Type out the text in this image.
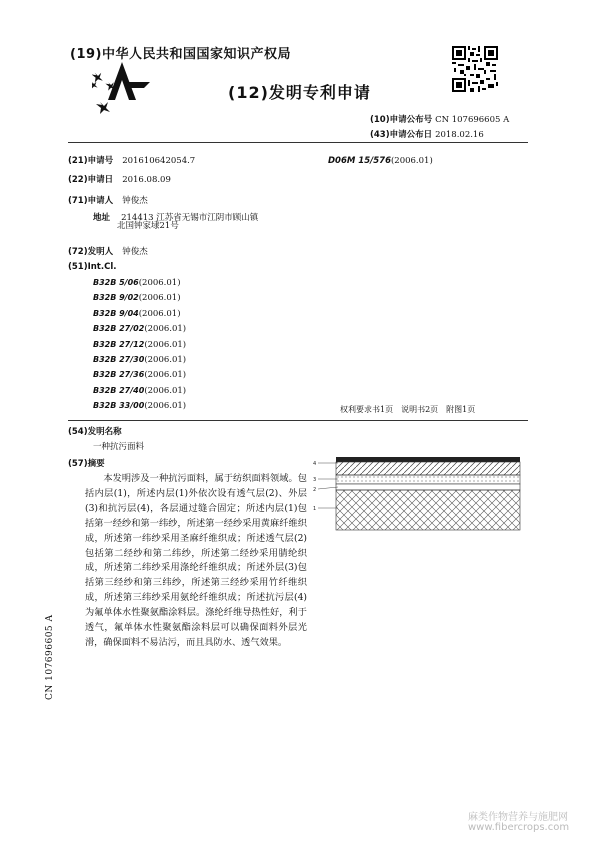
(19)中华人民共和国国家知识产权局
(12)发明专利申请
(10)申请公布号 CN 107696605 A
(43)申请公布日 2018.02.16
(21)申请号 201610642054.7	D06M 15/576(2006.01)
(22)申请日 2016.08.09
(71)申请人 钟俊杰
地址 214413 江苏省无锡市江阴市顾山镇
北国钟家埭21号
(72)发明人 钟俊杰
(51)Int.Cl.
B32B 5/06(2006.01)
B32B 9/02(2006.01)
B32B 9/04(2006.01)
B32B 27/02(2006.01)
B32B 27/12(2006.01)
B32B 27/30(2006.01)
B32B 27/36(2006.01)
B32B 27/40(2006.01)
B32B 33/00(2006.01)	权利要求书1页　说明书2页　附图1页
(54)发明名称
一种抗污面料
(57)摘要
本发明涉及一种抗污面料，属于纺织面料领域。包括内层(1)，所述内层(1)外依次设有透气层(2)、外层(3)和抗污层(4)，各层通过缝合固定；所述内层(1)包括第一经纱和第一纬纱，所述第一经纱采用黄麻纤维织成，所述第一纬纱采用圣麻纤维织成；所述透气层(2)包括第二经纱和第二纬纱，所述第二经纱采用腈纶织成，所述第二纬纱采用涤纶纤维织成；所述外层(3)包括第三经纱和第三纬纱，所述第三经纱采用竹纤维织成，所述第三纬纱采用氨纶纤维织成；所述抗污层(4)为氟单体水性聚氨酯涂料层。涤纶纤维导热性好，利于透气，氟单体水性聚氨酯涂料层可以确保面料外层光滑，确保面料不易沾污，而且具防水、透气效果。
4
3
2
1
CN 107696605 A
麻类作物营养与施肥网
www.fibercrops.com
